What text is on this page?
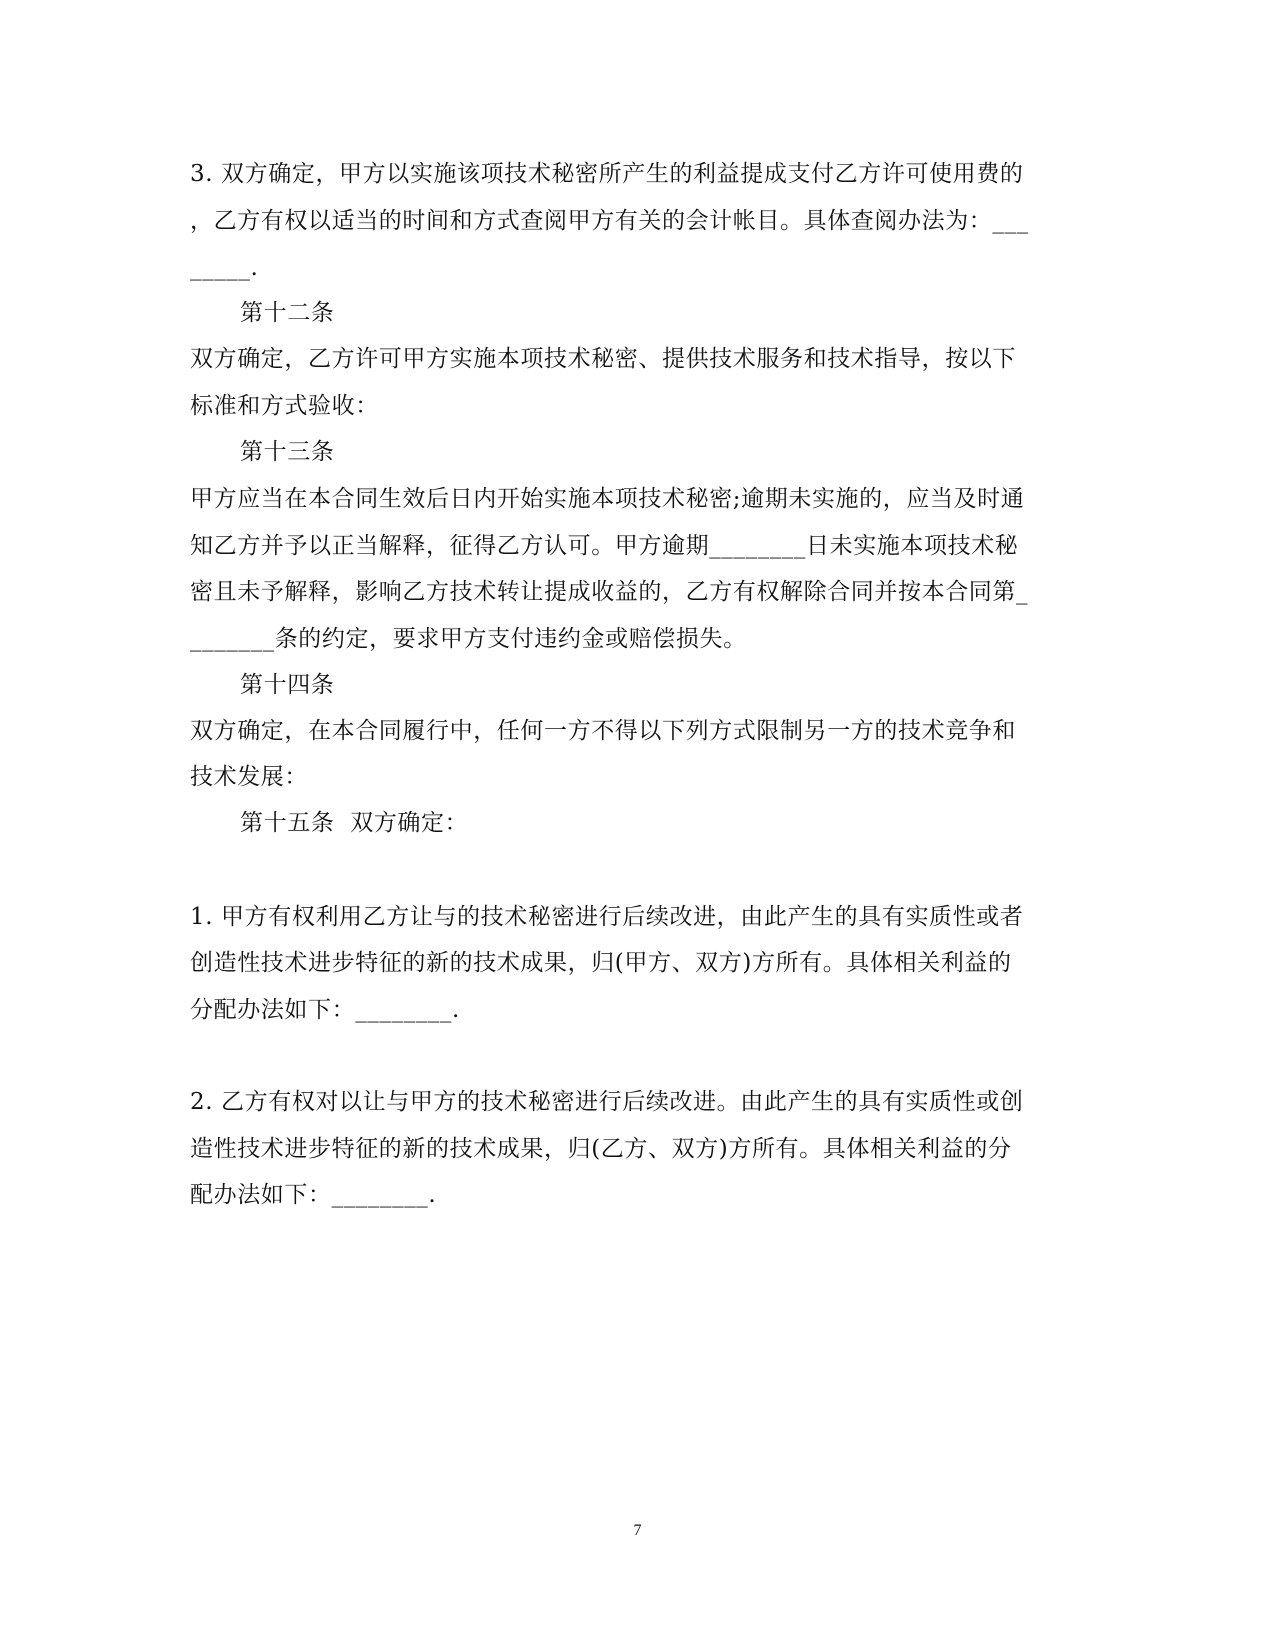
3. 双方确定，甲方以实施该项技术秘密所产生的利益提成支付乙方许可使用费的
，乙方有权以适当的时间和方式查阅甲方有关的会计帐目。具体查阅办法为：___
_____.
第十二条
双方确定，乙方许可甲方实施本项技术秘密、提供技术服务和技术指导，按以下
标准和方式验收：
第十三条
甲方应当在本合同生效后日内开始实施本项技术秘密;逾期未实施的，应当及时通
知乙方并予以正当解释，征得乙方认可。甲方逾期________日未实施本项技术秘
密且未予解释，影响乙方技术转让提成收益的，乙方有权解除合同并按本合同第_
_______条的约定，要求甲方支付违约金或赔偿损失。
第十四条
双方确定，在本合同履行中，任何一方不得以下列方式限制另一方的技术竞争和
技术发展：
第十五条  双方确定：
1. 甲方有权利用乙方让与的技术秘密进行后续改进，由此产生的具有实质性或者
创造性技术进步特征的新的技术成果，归(甲方、双方)方所有。具体相关利益的
分配办法如下：________.
2. 乙方有权对以让与甲方的技术秘密进行后续改进。由此产生的具有实质性或创
造性技术进步特征的新的技术成果，归(乙方、双方)方所有。具体相关利益的分
配办法如下：________.
7
